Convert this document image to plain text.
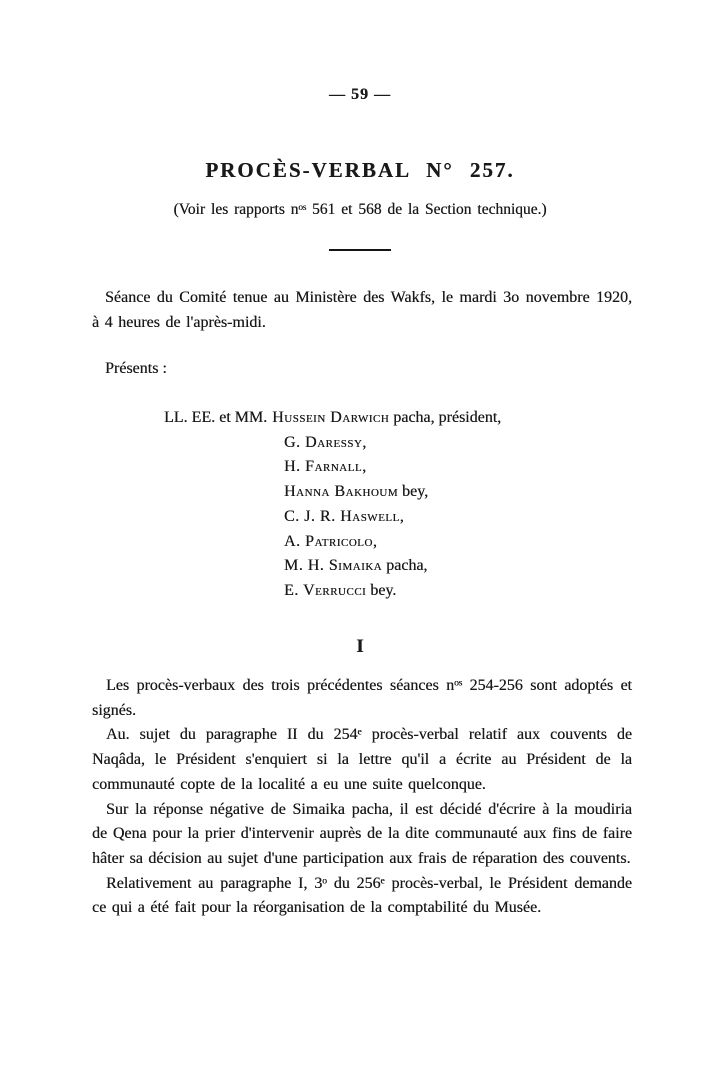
— 59 —
PROCÈS-VERBAL N° 257.
(Voir les rapports nᵒˢ 561 et 568 de la Section technique.)
Séance du Comité tenue au Ministère des Wakfs, le mardi 3o novembre 1920, à 4 heures de l'après-midi.
Présents :
LL. EE. et MM. Hussein Darwich pacha, président,
G. Daressy,
H. Farnall,
Hanna Bakhoum bey,
C. J. R. Haswell,
A. Patricolo,
M. H. Simaika pacha,
E. Verrucci bey.
I

Les procès-verbaux des trois précédentes séances nᵒˢ 254-256 sont adoptés et signés.

Au. sujet du paragraphe II du 254ᵉ procès-verbal relatif aux couvents de Naqâda, le Président s'enquiert si la lettre qu'il a écrite au Président de la communauté copte de la localité a eu une suite quelconque.

Sur la réponse négative de Simaika pacha, il est décidé d'écrire à la moudiria de Qena pour la prier d'intervenir auprès de la dite communauté aux fins de faire hâter sa décision au sujet d'une participation aux frais de réparation des couvents.

Relativement au paragraphe I, 3ᵒ du 256ᵉ procès-verbal, le Président demande ce qui a été fait pour la réorganisation de la comptabilité du Musée.
